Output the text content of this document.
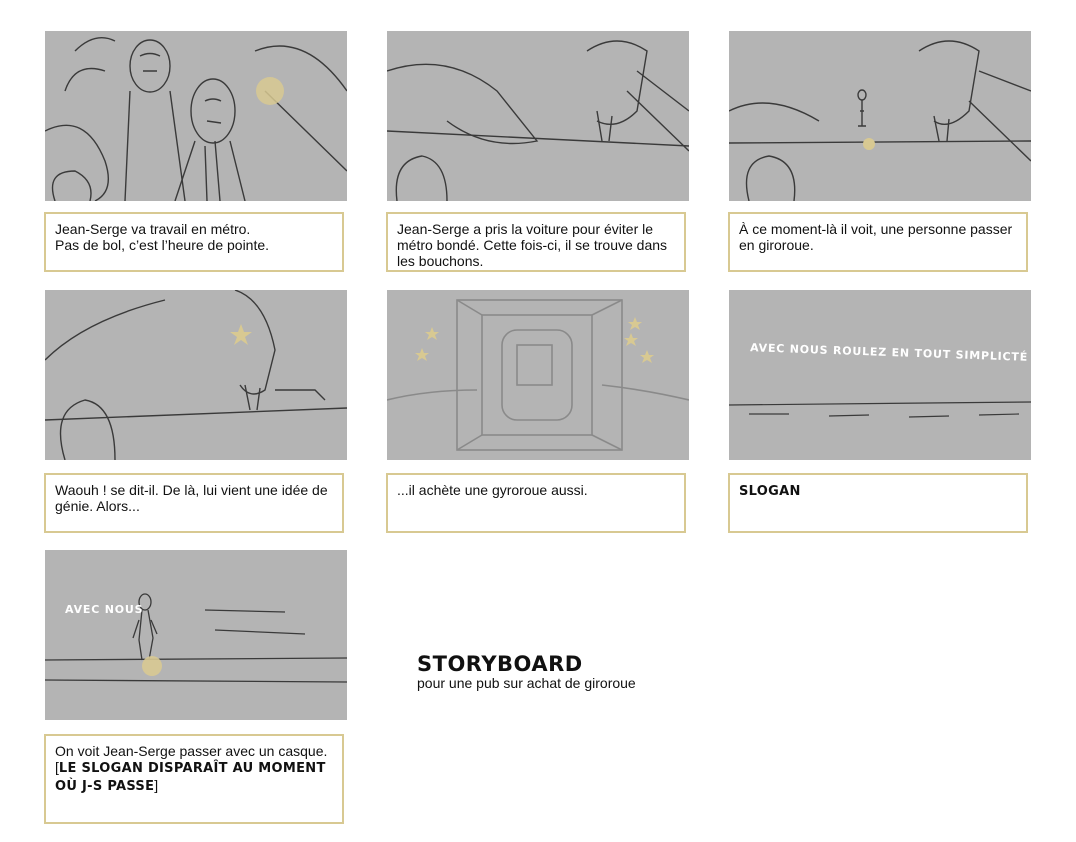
Jean-Serge va travail en métro.
Pas de bol, c’est l’heure de pointe.
Jean-Serge a pris la voiture pour éviter le métro bondé. Cette fois-ci, il se trouve dans les bouchons.
À ce moment-là il voit, une personne passer en giroroue.
Waouh ! se dit-il. De là, lui vient une idée de génie. Alors...
...il achète une gyroroue aussi.
AVEC NOUS ROULEZ EN TOUT SIMPLICTÉ
SLOGAN
AVEC NOUS
On voit Jean-Serge passer avec un casque.
[LE SLOGAN DISPARAÎT AU MOMENT OÙ J-S PASSE]
STORYBOARD
pour une pub sur achat de giroroue
